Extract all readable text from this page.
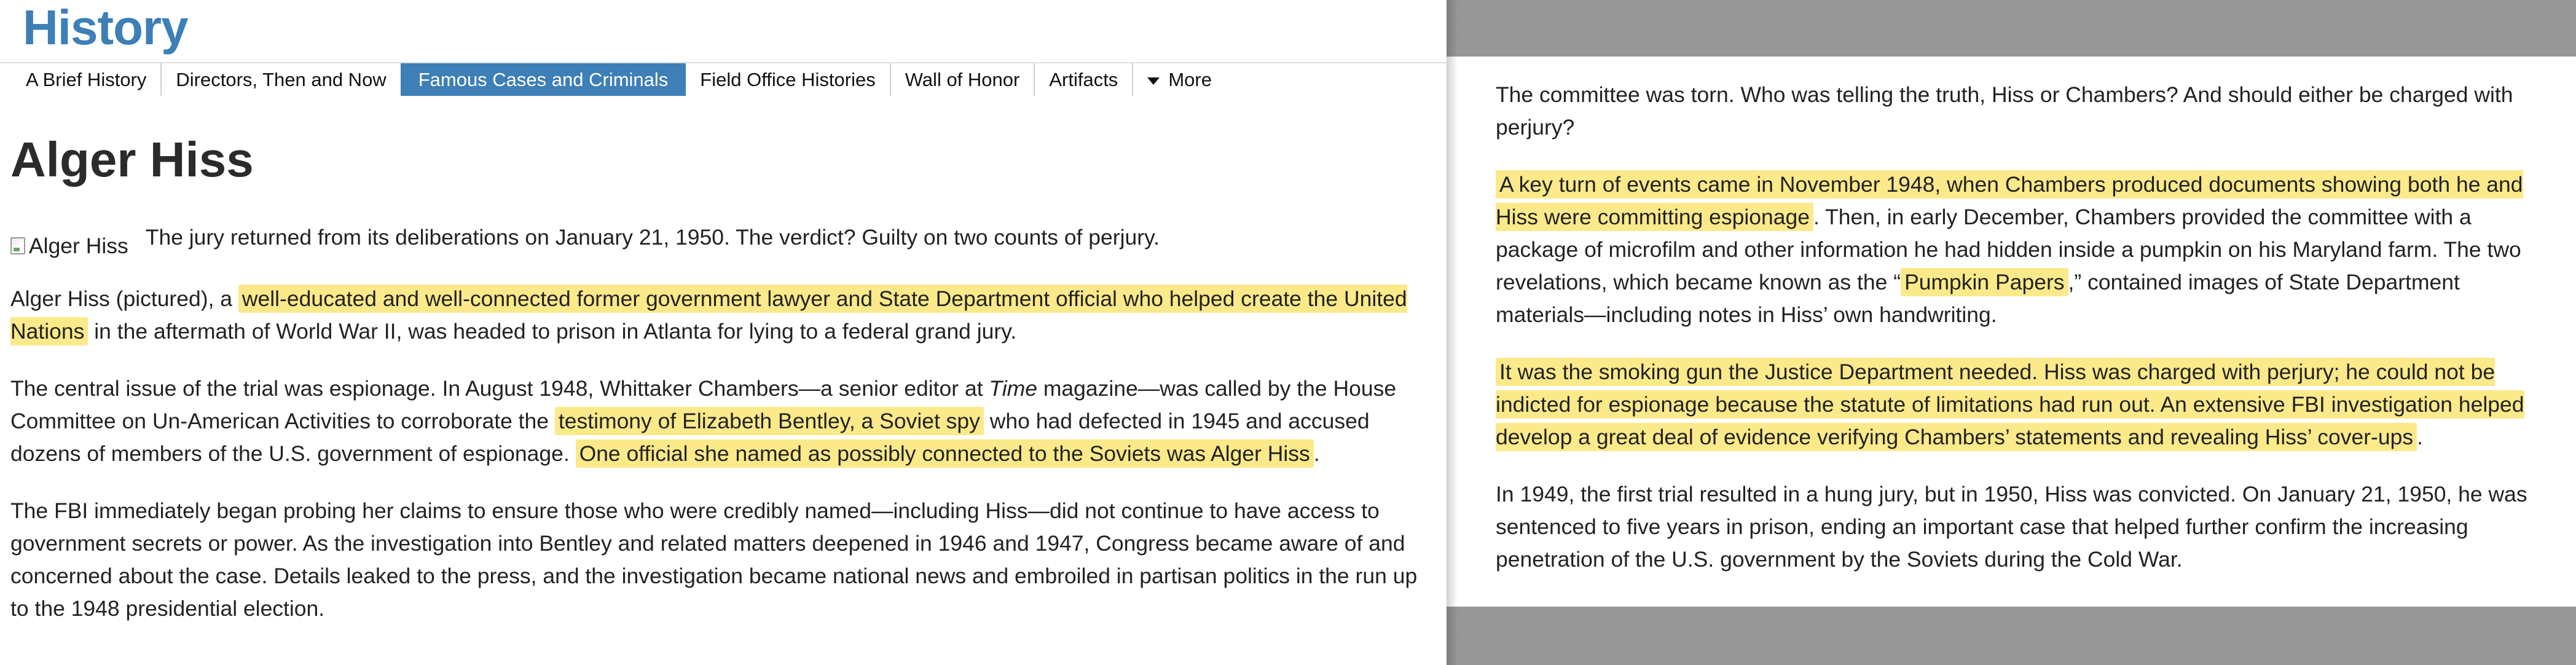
History
A Brief History	Directors, Then and Now	Famous Cases and Criminals	Field Office Histories	Wall of Honor	Artifacts	More
Alger Hiss
Alger Hiss The jury returned from its deliberations on January 21, 1950. The verdict? Guilty on two counts of perjury.

Alger Hiss (pictured), a well-educated and well-connected former government lawyer and State Department official who helped create the United Nations in the aftermath of World War II, was headed to prison in Atlanta for lying to a federal grand jury.

The central issue of the trial was espionage. In August 1948, Whittaker Chambers—a senior editor at Time magazine—was called by the House Committee on Un-American Activities to corroborate the testimony of Elizabeth Bentley, a Soviet spy who had defected in 1945 and accused dozens of members of the U.S. government of espionage. One official she named as possibly connected to the Soviets was Alger Hiss .

The FBI immediately began probing her claims to ensure those who were credibly named—including Hiss—did not continue to have access to government secrets or power. As the investigation into Bentley and related matters deepened in 1946 and 1947, Congress became aware of and concerned about the case. Details leaked to the press, and the investigation became national news and embroiled in partisan politics in the run up to the 1948 presidential election.

The committee was torn. Who was telling the truth, Hiss or Chambers? And should either be charged with perjury?

A key turn of events came in November 1948, when Chambers produced documents showing both he and Hiss were committing espionage . Then, in early December, Chambers provided the committee with a package of microfilm and other information he had hidden inside a pumpkin on his Maryland farm. The two revelations, which became known as the “ Pumpkin Papers ,” contained images of State Department materials—including notes in Hiss’ own handwriting.

It was the smoking gun the Justice Department needed. Hiss was charged with perjury; he could not be indicted for espionage because the statute of limitations had run out. An extensive FBI investigation helped develop a great deal of evidence verifying Chambers’ statements and revealing Hiss’ cover-ups .

In 1949, the first trial resulted in a hung jury, but in 1950, Hiss was convicted. On January 21, 1950, he was sentenced to five years in prison, ending an important case that helped further confirm the increasing penetration of the U.S. government by the Soviets during the Cold War.
